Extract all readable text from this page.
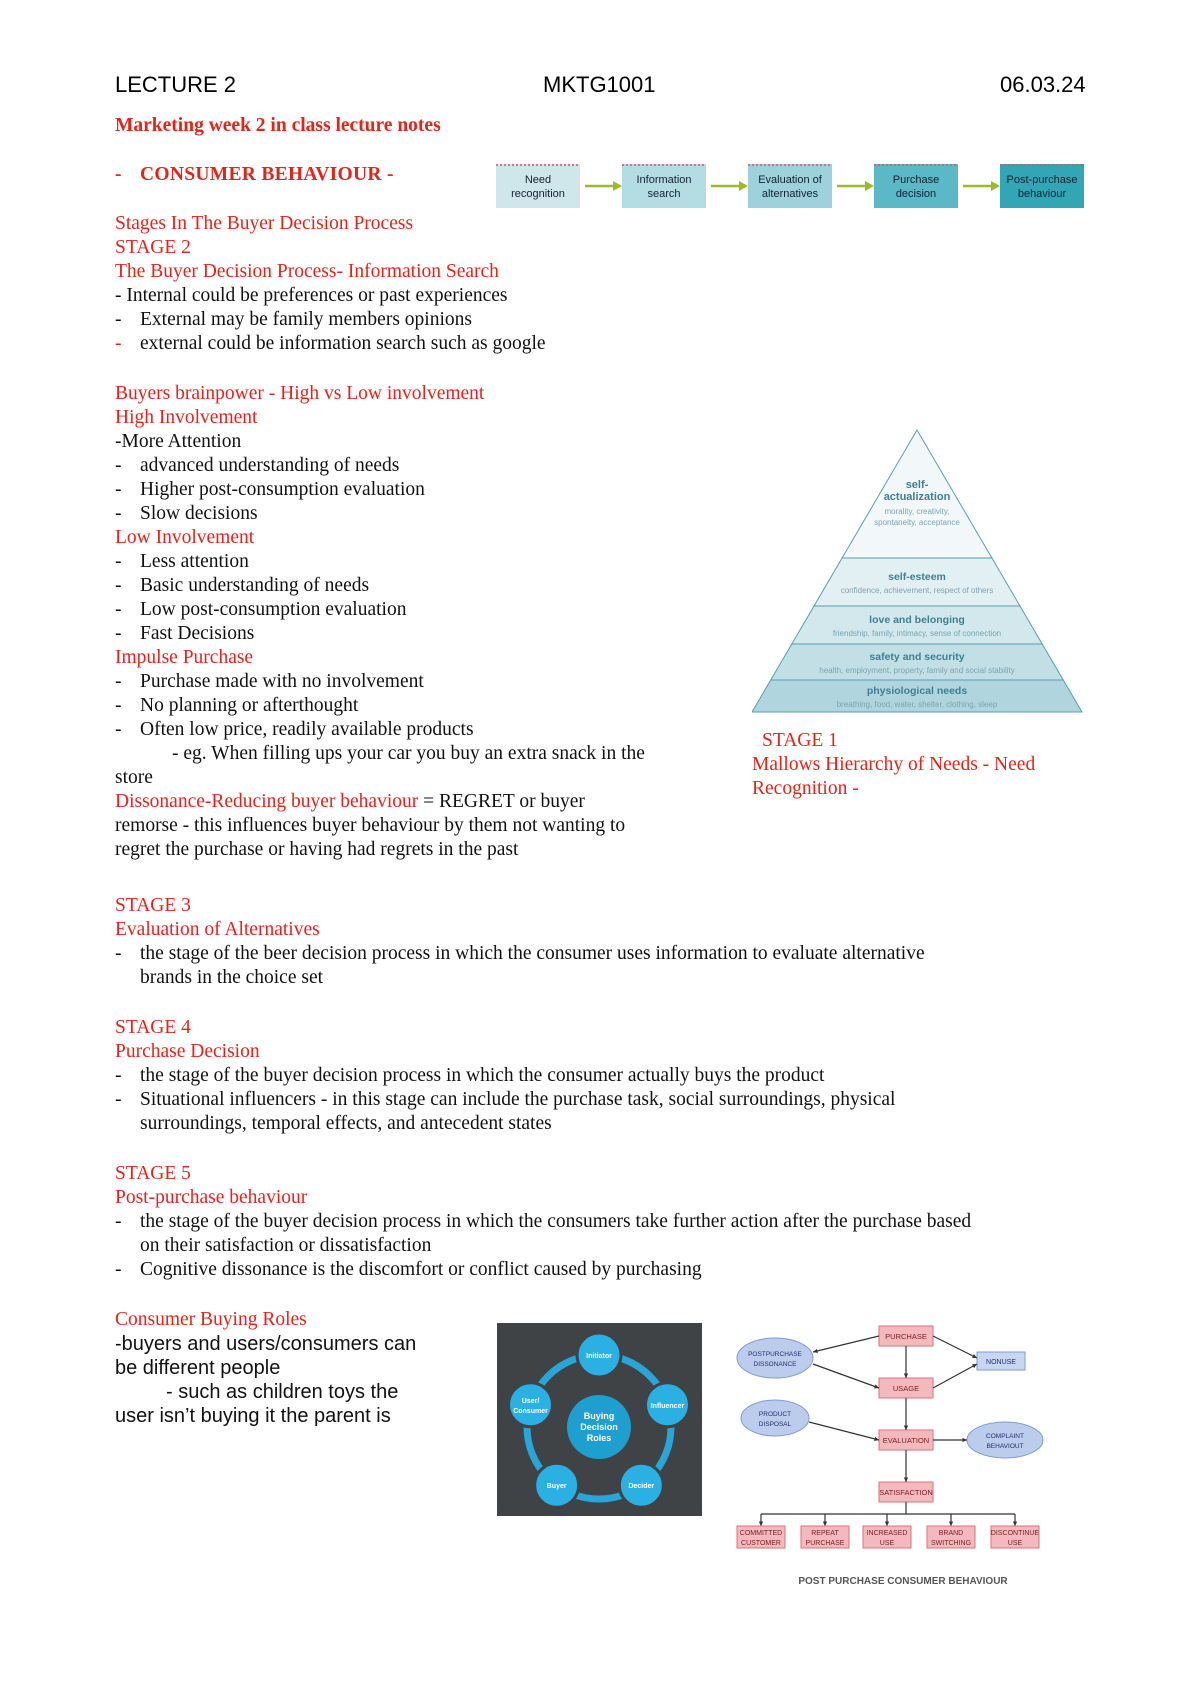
LECTURE 2	MKTG1001	06.03.24
Marketing week 2 in class lecture notes
- CONSUMER BEHAVIOUR -	Need
recognition
Information
search
Evaluation of
alternatives
Purchase
decision
Post-purchase
behaviour
Stages In The Buyer Decision Process
STAGE 2
The Buyer Decision Process- Information Search
- Internal could be preferences or past experiences
- External may be family members opinions
- external could be information search such as google
Buyers brainpower - High vs Low involvement
High Involvement
-More Attention
- advanced understanding of needs
- Higher post-consumption evaluation
- Slow decisions
Low Involvement
- Less attention
- Basic understanding of needs
- Low post-consumption evaluation
- Fast Decisions
Impulse Purchase
- Purchase made with no involvement
- No planning or afterthought
- Often low price, readily available products
- eg. When filling ups your car you buy an extra snack in the
store
Dissonance-Reducing buyer behaviour = REGRET or buyer
remorse - this influences buyer behaviour by them not wanting to
regret the purchase or having had regrets in the past
self-
actualization
morality, creativity,
spontaneity, acceptance
self-esteem
confidence, achievement, respect of others
love and belonging
friendship, family, intimacy, sense of connection
safety and security
health, employment, property, family and social stability
physiological needs
breathing, food, water, shelter, clothing, sleep
STAGE 1
Mallows Hierarchy of Needs - Need
Recognition -
STAGE 3
Evaluation of Alternatives
- the stage of the beer decision process in which the consumer uses information to evaluate alternative
brands in the choice set
STAGE 4
Purchase Decision
- the stage of the buyer decision process in which the consumer actually buys the product
- Situational influencers - in this stage can include the purchase task, social surroundings, physical
surroundings, temporal effects, and antecedent states
STAGE 5
Post-purchase behaviour
- the stage of the buyer decision process in which the consumers take further action after the purchase based
on their satisfaction or dissatisfaction
- Cognitive dissonance is the discomfort or conflict caused by purchasing
Consumer Buying Roles
-buyers and users/consumers can
be different people
- such as children toys the
user isn’t buying it the parent is	Buying
Decision
Roles
Initiator
Influencer
Decider
Buyer
User/
Consumer
PURCHASE
USAGE
EVALUATION
SATISFACTION
NONUSE
POSTPURCHASE
DISSONANCE
PRODUCT
DISPOSAL
COMPLAINT
BEHAVIOUT
COMMITTED
CUSTOMER
REPEAT
PURCHASE
INCREASED
USE
BRAND
SWITCHING
DISCONTINUE
USE
POST PURCHASE CONSUMER BEHAVIOUR
